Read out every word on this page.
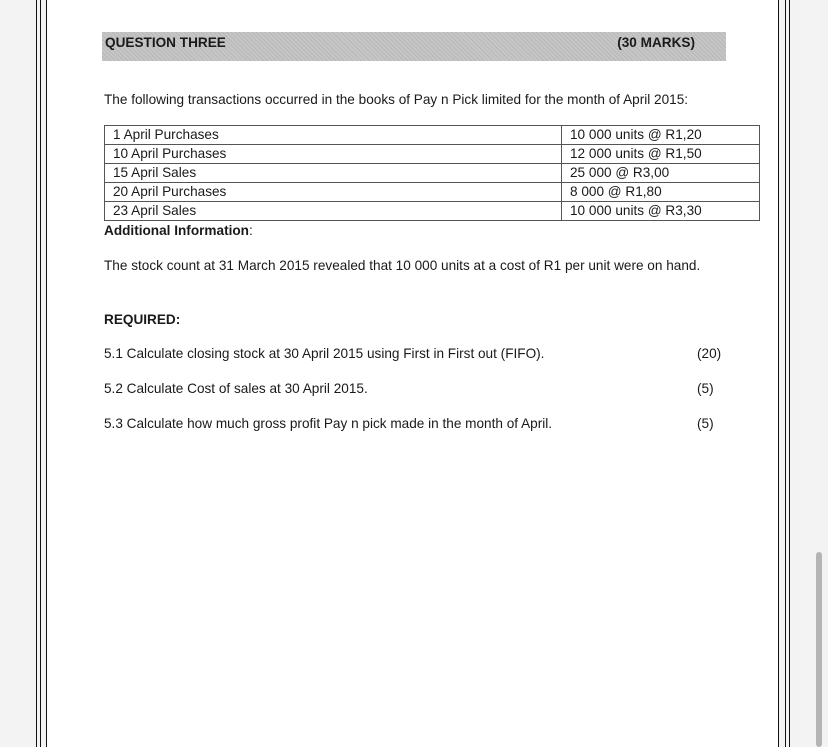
QUESTION THREE	(30 MARKS)
The following transactions occurred in the books of Pay n Pick limited for the month of April 2015:
1 April Purchases	10 000 units @ R1,20
10 April Purchases	12 000 units @ R1,50
15 April Sales	25 000 @ R3,00
20 April Purchases	8 000 @ R1,80
23 April Sales	10 000 units @ R3,30
Additional Information:
The stock count at 31 March 2015 revealed that 10 000 units at a cost of R1 per unit were on hand.
REQUIRED:
5.1 Calculate closing stock at 30 April 2015 using First in First out (FIFO).	(20)
5.2 Calculate Cost of sales at 30 April 2015.	(5)
5.3 Calculate how much gross profit Pay n pick made in the month of April.	(5)
